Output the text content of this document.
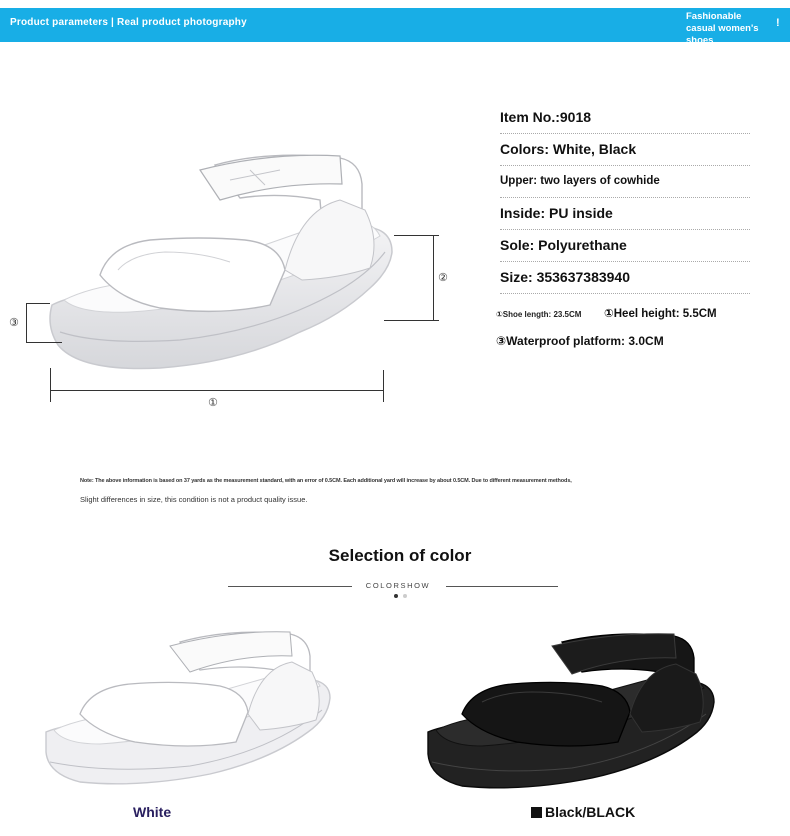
Product parameters | Real product photography
Fashionable casual women's shoes
!
①
②
③
Item No.:9018
Colors: White, Black
Upper: two layers of cowhide
Inside: PU inside
Sole: Polyurethane
Size: 353637383940
①Shoe length: 23.5CM ①Heel height: 5.5CM
③Waterproof platform: 3.0CM
Note: The above information is based on 37 yards as the measurement standard, with an error of 0.5CM. Each additional yard will increase by about 0.5CM. Due to different measurement methods,
Slight differences in size, this condition is not a product quality issue.
Selection of color
COLORSHOW
White	Black/BLACK
